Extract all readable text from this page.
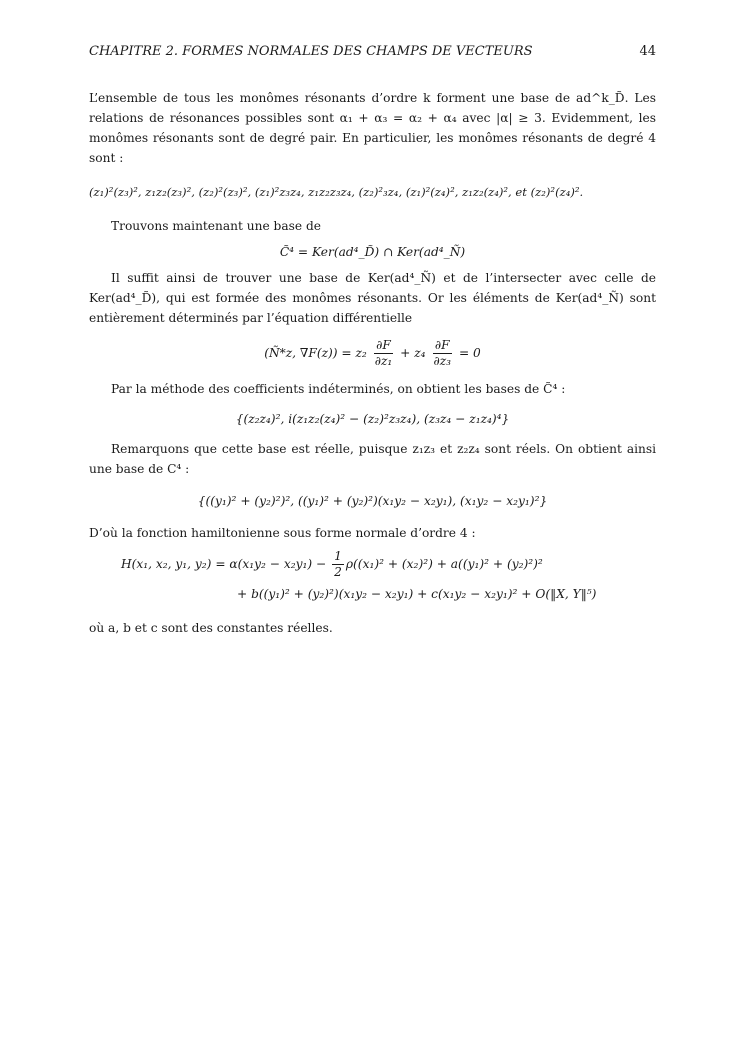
CHAPITRE 2. FORMES NORMALES DES CHAMPS DE VECTEURS	44

L’ensemble de tous les monômes résonants d’ordre k forment une base de ad^k_D̃. Les relations de résonances possibles sont α₁ + α₃ = α₂ + α₄ avec |α| ≥ 3. Evidemment, les monômes résonants sont de degré pair. En particulier, les monômes résonants de degré 4 sont :

(z₁)²(z₃)², z₁z₂(z₃)², (z₂)²(z₃)², (z₁)²z₃z₄, z₁z₂z₃z₄, (z₂)²₃z₄, (z₁)²(z₄)², z₁z₂(z₄)², et (z₂)²(z₄)².

Trouvons maintenant une base de

C̃⁴ = Ker(ad⁴_D̃) ∩ Ker(ad⁴_Ñ)

Il suffit ainsi de trouver une base de Ker(ad⁴_Ñ) et de l’intersecter avec celle de Ker(ad⁴_D̃), qui est formée des monômes résonants. Or les éléments de Ker(ad⁴_Ñ) sont entièrement déterminés par l’équation différentielle

(Ñ*z, $\nabla F(z)) = z_2 \frac{\partial F}{\text{∂z₁}} + z_4 \frac{\partial F}{\text{∂z₃}} = 0$

Par la méthode des coefficients indéterminés, on obtient les bases de C̃⁴ :

{(z₂z₄)², i(z₁z₂(z₄)² − (z₂)²z₃z₄), (z₃z₄ − z₁z₄)⁴}

Remarquons que cette base est réelle, puisque z₁z₃ et z₂z₄ sont réels. On obtient ainsi une base de C⁴ :

{((y₁)² + (y₂)²)², ((y₁)² + (y₂)²)(x₁y₂ − x₂y₁), (x₁y₂ − x₂y₁)²}

D’où la fonction hamiltonienne sous forme normale d’ordre 4 :

H(x₁, x₂, y₁, $y_2) = \alpha(x_1y_2 - x_2y_1) - \frac{1}{2} \rho((x_1)^2 + (x_2)^2) + a((y_1)^2 + (y_2)^2)^2$
+ b((y₁)² + (y₂)²)(x₁y₂ − x₂y₁) + c(x₁y₂ − x₂y₁)² + O(‖X, Y‖⁵)

où a, b et c sont des constantes réelles.
